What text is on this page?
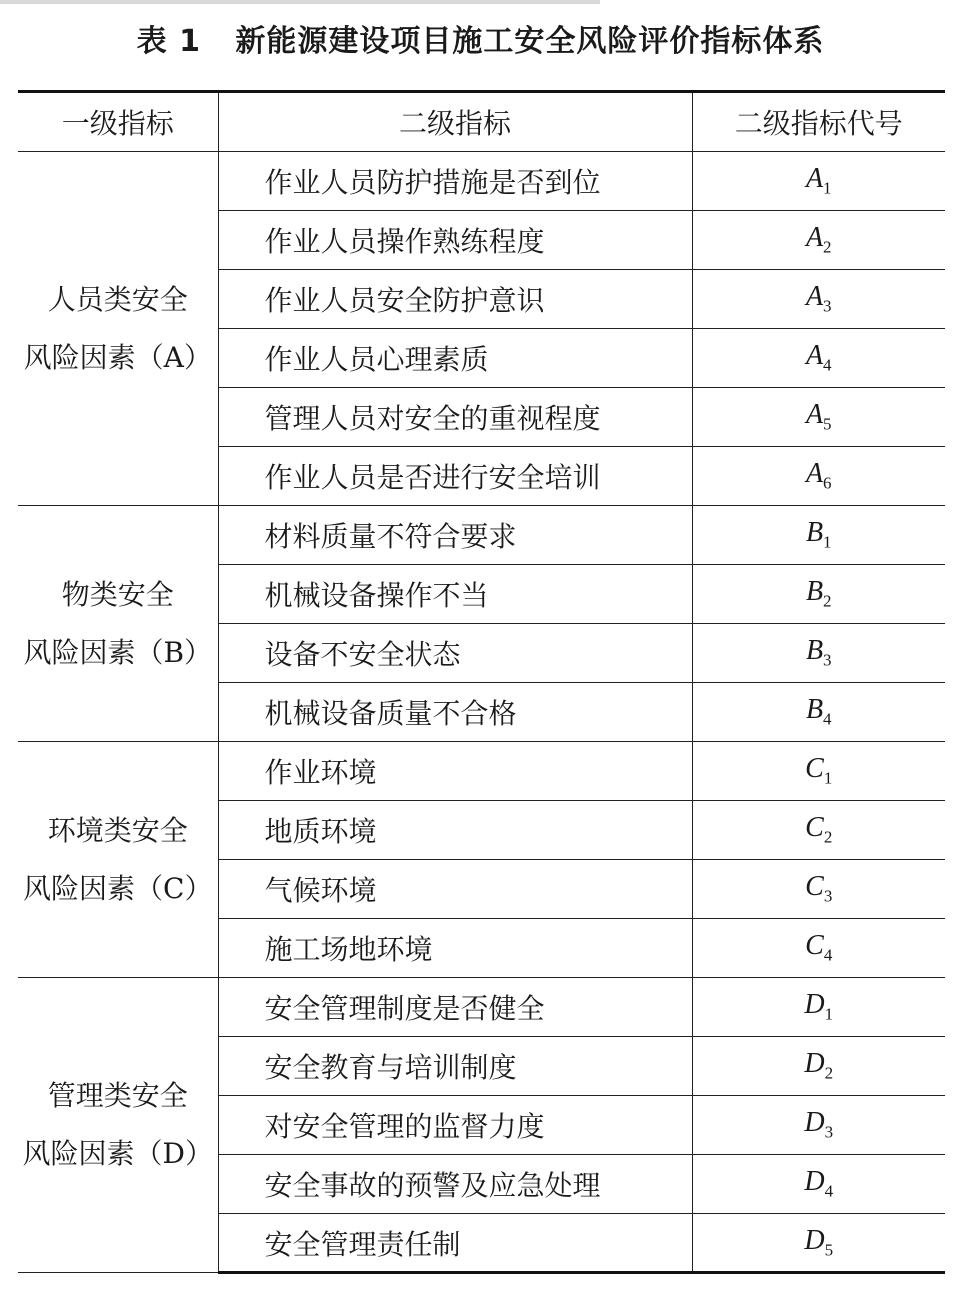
表 1 新能源建设项目施工安全风险评价指标体系
一级指标	二级指标	二级指标代号

人员类安全
风险因素（A）	作业人员防护措施是否到位	$A_1$
	作业人员操作熟练程度	$A_2$
	作业人员安全防护意识	$A_3$
	作业人员心理素质	$A_4$
	管理人员对安全的重视程度	$A_5$
	作业人员是否进行安全培训	$A_6$

物类安全
风险因素（B）	材料质量不符合要求	$B_1$
	机械设备操作不当	$B_2$
	设备不安全状态	$B_3$
	机械设备质量不合格	$B_4$

环境类安全
风险因素（C）	作业环境	$C_1$
	地质环境	$C_2$
	气候环境	$C_3$
	施工场地环境	$C_4$

管理类安全
风险因素（D）	安全管理制度是否健全	$D_1$
	安全教育与培训制度	$D_2$
	对安全管理的监督力度	$D_3$
	安全事故的预警及应急处理	$D_4$
	安全管理责任制	$D_5$
